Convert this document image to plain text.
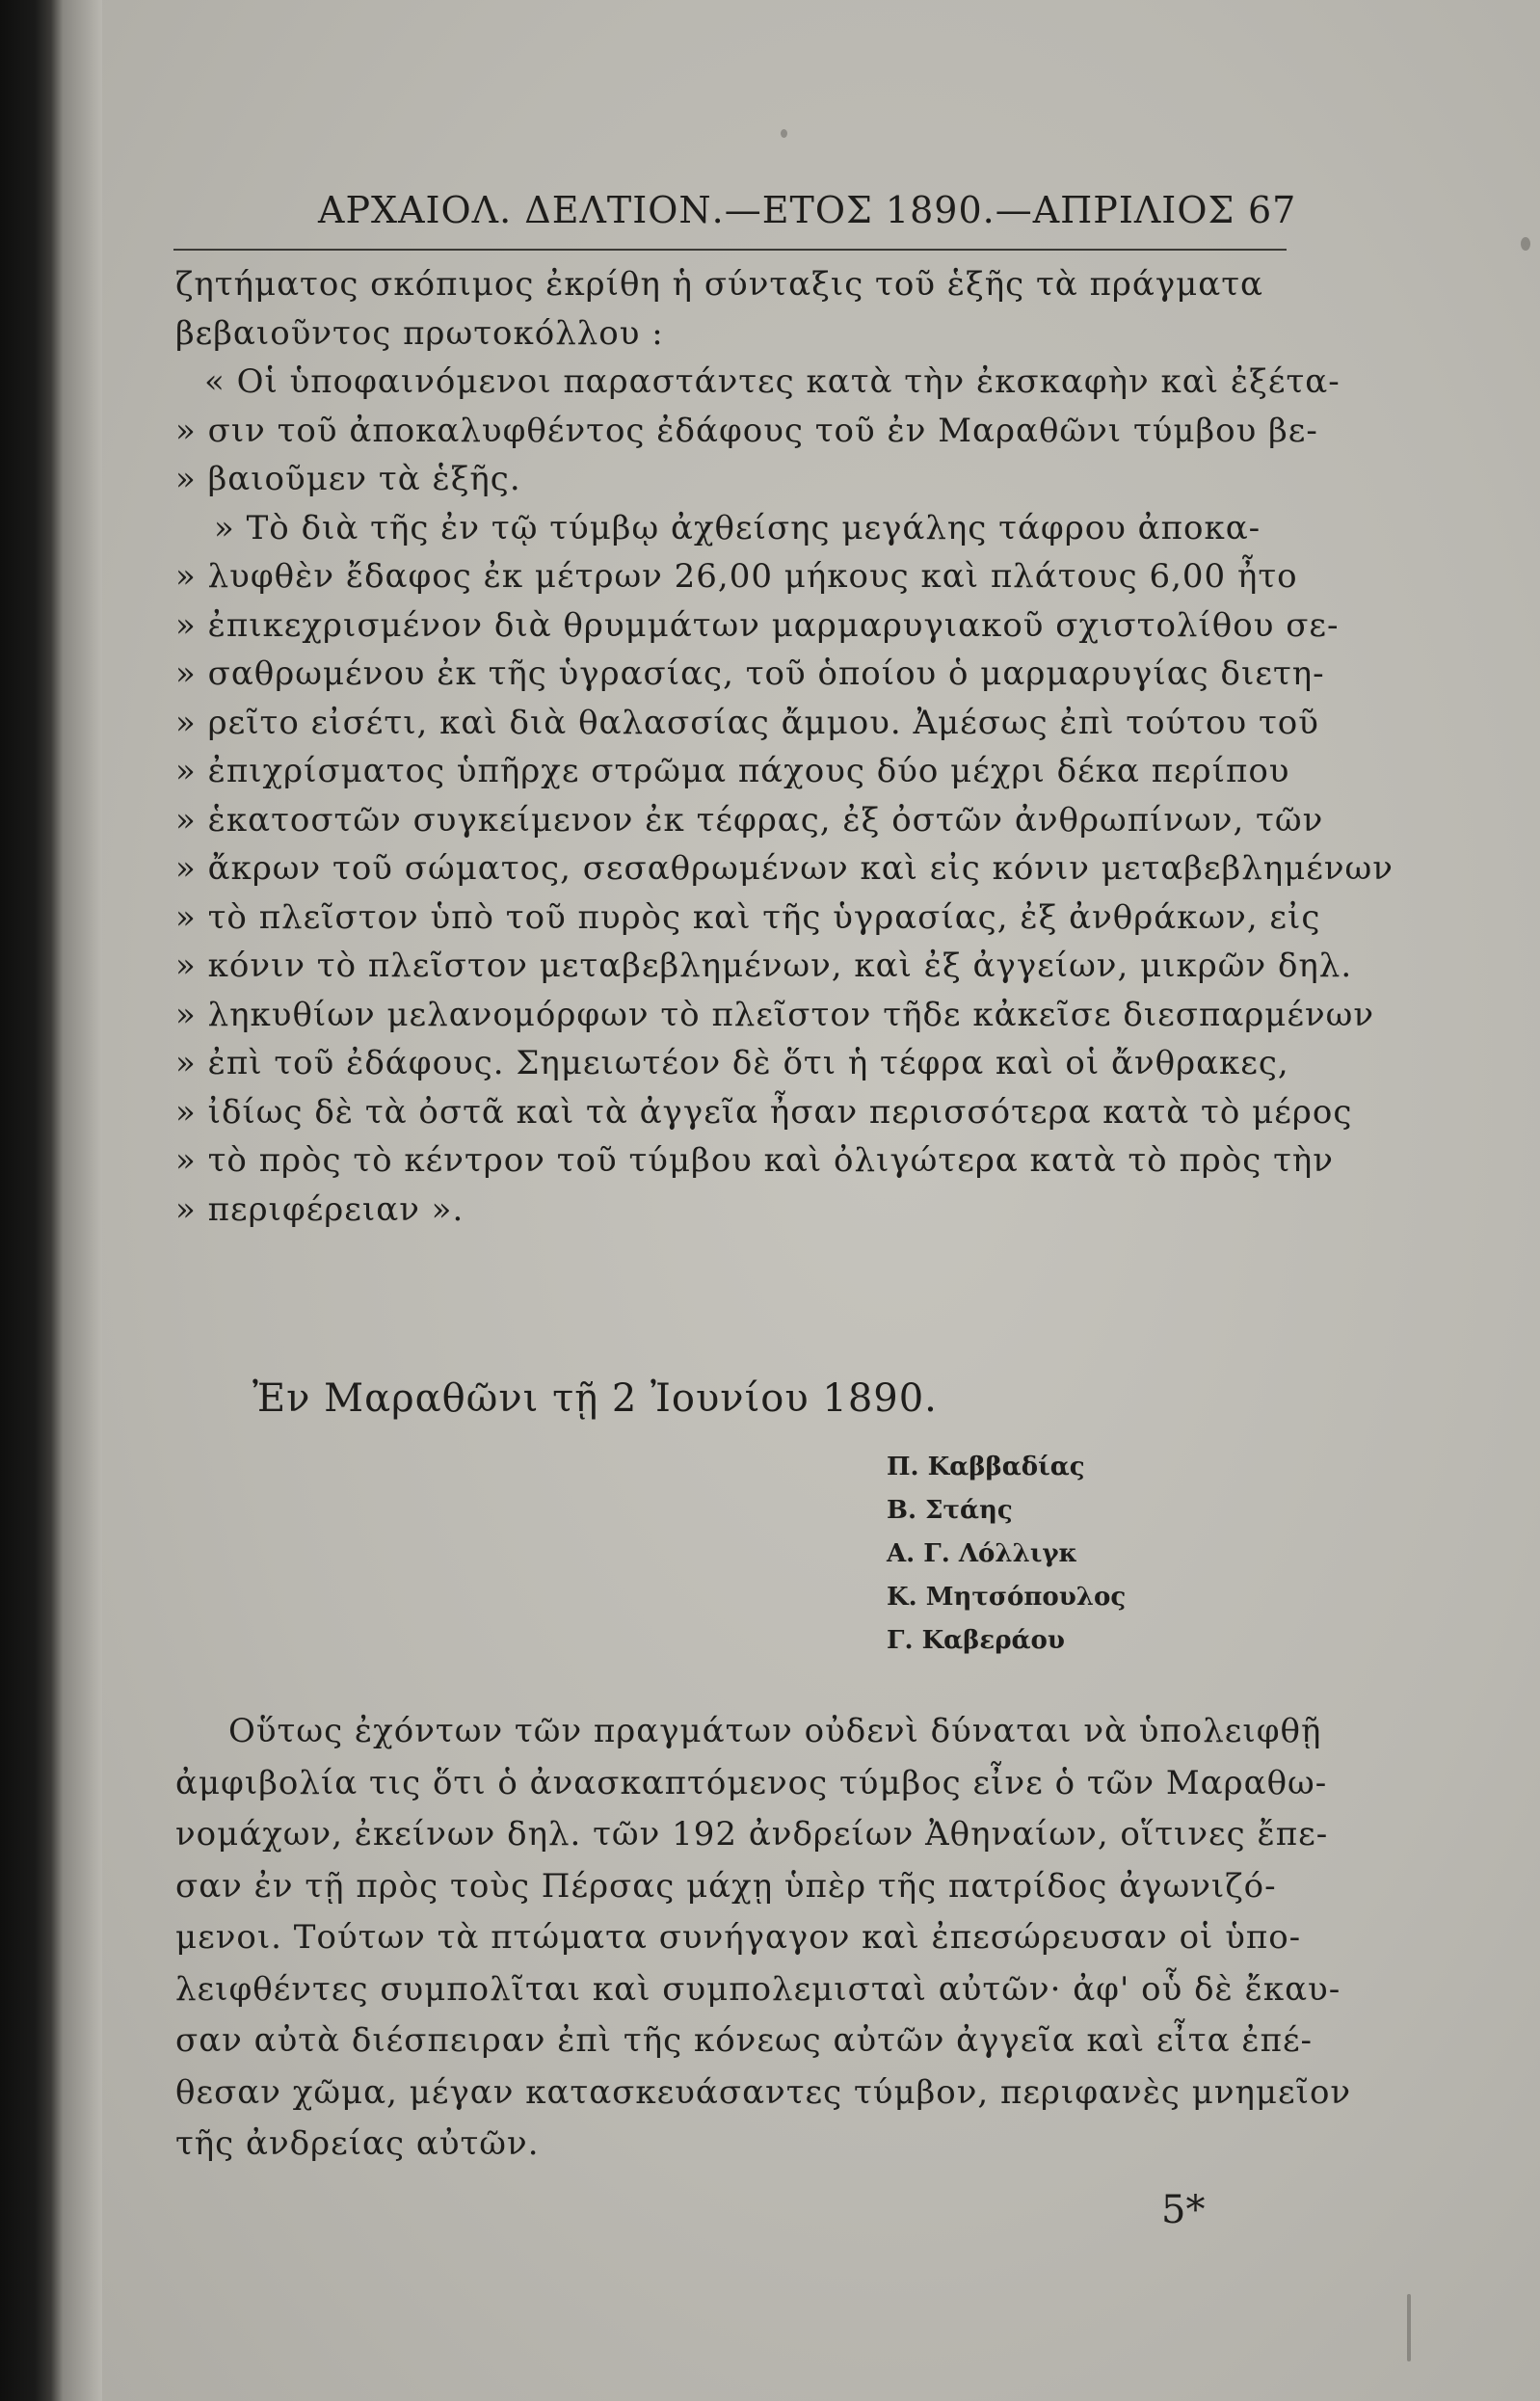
ΑΡΧΑΙΟΛ. ΔΕΛΤΙΟΝ.—ΕΤΟΣ 1890.—ΑΠΡΙΛΙΟΣ 67

ζητήματος σκόπιμος ἐκρίθη ἡ σύνταξις τοῦ ἑξῆς τὰ πράγματα

βεβαιοῦντος πρωτοκόλλου :

« Οἱ ὑποφαινόμενοι παραστάντες κατὰ τὴν ἐκσκαφὴν καὶ ἐξέτα-

» σιν τοῦ ἀποκαλυφθέντος ἐδάφους τοῦ ἐν Μαραθῶνι τύμβου βε-

» βαιοῦμεν τὰ ἑξῆς.

» Τὸ διὰ τῆς ἐν τῷ τύμβῳ ἀχθείσης μεγάλης τάφρου ἀποκα-

» λυφθὲν ἔδαφος ἐκ μέτρων 26,00 μήκους καὶ πλάτους 6,00 ἦτο

» ἐπικεχρισμένον διὰ θρυμμάτων μαρμαρυγιακοῦ σχιστολίθου σε-

» σαθρωμένου ἐκ τῆς ὑγρασίας, τοῦ ὁποίου ὁ μαρμαρυγίας διετη-

» ρεῖτο εἰσέτι, καὶ διὰ θαλασσίας ἄμμου. Ἀμέσως ἐπὶ τούτου τοῦ

» ἐπιχρίσματος ὑπῆρχε στρῶμα πάχους δύο μέχρι δέκα περίπου

» ἑκατοστῶν συγκείμενον ἐκ τέφρας, ἐξ ὀστῶν ἀνθρωπίνων, τῶν

» ἄκρων τοῦ σώματος, σεσαθρωμένων καὶ εἰς κόνιν μεταβεβλημένων

» τὸ πλεῖστον ὑπὸ τοῦ πυρὸς καὶ τῆς ὑγρασίας, ἐξ ἀνθράκων, εἰς

» κόνιν τὸ πλεῖστον μεταβεβλημένων, καὶ ἐξ ἀγγείων, μικρῶν δηλ.

» ληκυθίων μελανομόρφων τὸ πλεῖστον τῆδε κἀκεῖσε διεσπαρμένων

» ἐπὶ τοῦ ἐδάφους. Σημειωτέον δὲ ὅτι ἡ τέφρα καὶ οἱ ἄνθρακες,

» ἰδίως δὲ τὰ ὀστᾶ καὶ τὰ ἀγγεῖα ἦσαν περισσότερα κατὰ τὸ μέρος

» τὸ πρὸς τὸ κέντρον τοῦ τύμβου καὶ ὀλιγώτερα κατὰ τὸ πρὸς τὴν

» περιφέρειαν ».

Ἐν Μαραθῶνι τῇ 2 Ἰουνίου 1890.

Π. Καββαδίας

Β. Στάης

Α. Γ. Λόλλιγκ

Κ. Μητσόπουλος

Γ. Καβεράου

Οὕτως ἐχόντων τῶν πραγμάτων οὐδενὶ δύναται νὰ ὑπολειφθῇ

ἀμφιβολία τις ὅτι ὁ ἀνασκαπτόμενος τύμβος εἶνε ὁ τῶν Μαραθω-

νομάχων, ἐκείνων δηλ. τῶν 192 ἀνδρείων Ἀθηναίων, οἵτινες ἔπε-

σαν ἐν τῇ πρὸς τοὺς Πέρσας μάχῃ ὑπὲρ τῆς πατρίδος ἀγωνιζό-

μενοι. Τούτων τὰ πτώματα συνήγαγον καὶ ἐπεσώρευσαν οἱ ὑπο-

λειφθέντες συμπολῖται καὶ συμπολεμισταὶ αὐτῶν· ἀφ' οὗ δὲ ἔκαυ-

σαν αὐτὰ διέσπειραν ἐπὶ τῆς κόνεως αὐτῶν ἀγγεῖα καὶ εἶτα ἐπέ-

θεσαν χῶμα, μέγαν κατασκευάσαντες τύμβον, περιφανὲς μνημεῖον

τῆς ἀνδρείας αὐτῶν.

5*
